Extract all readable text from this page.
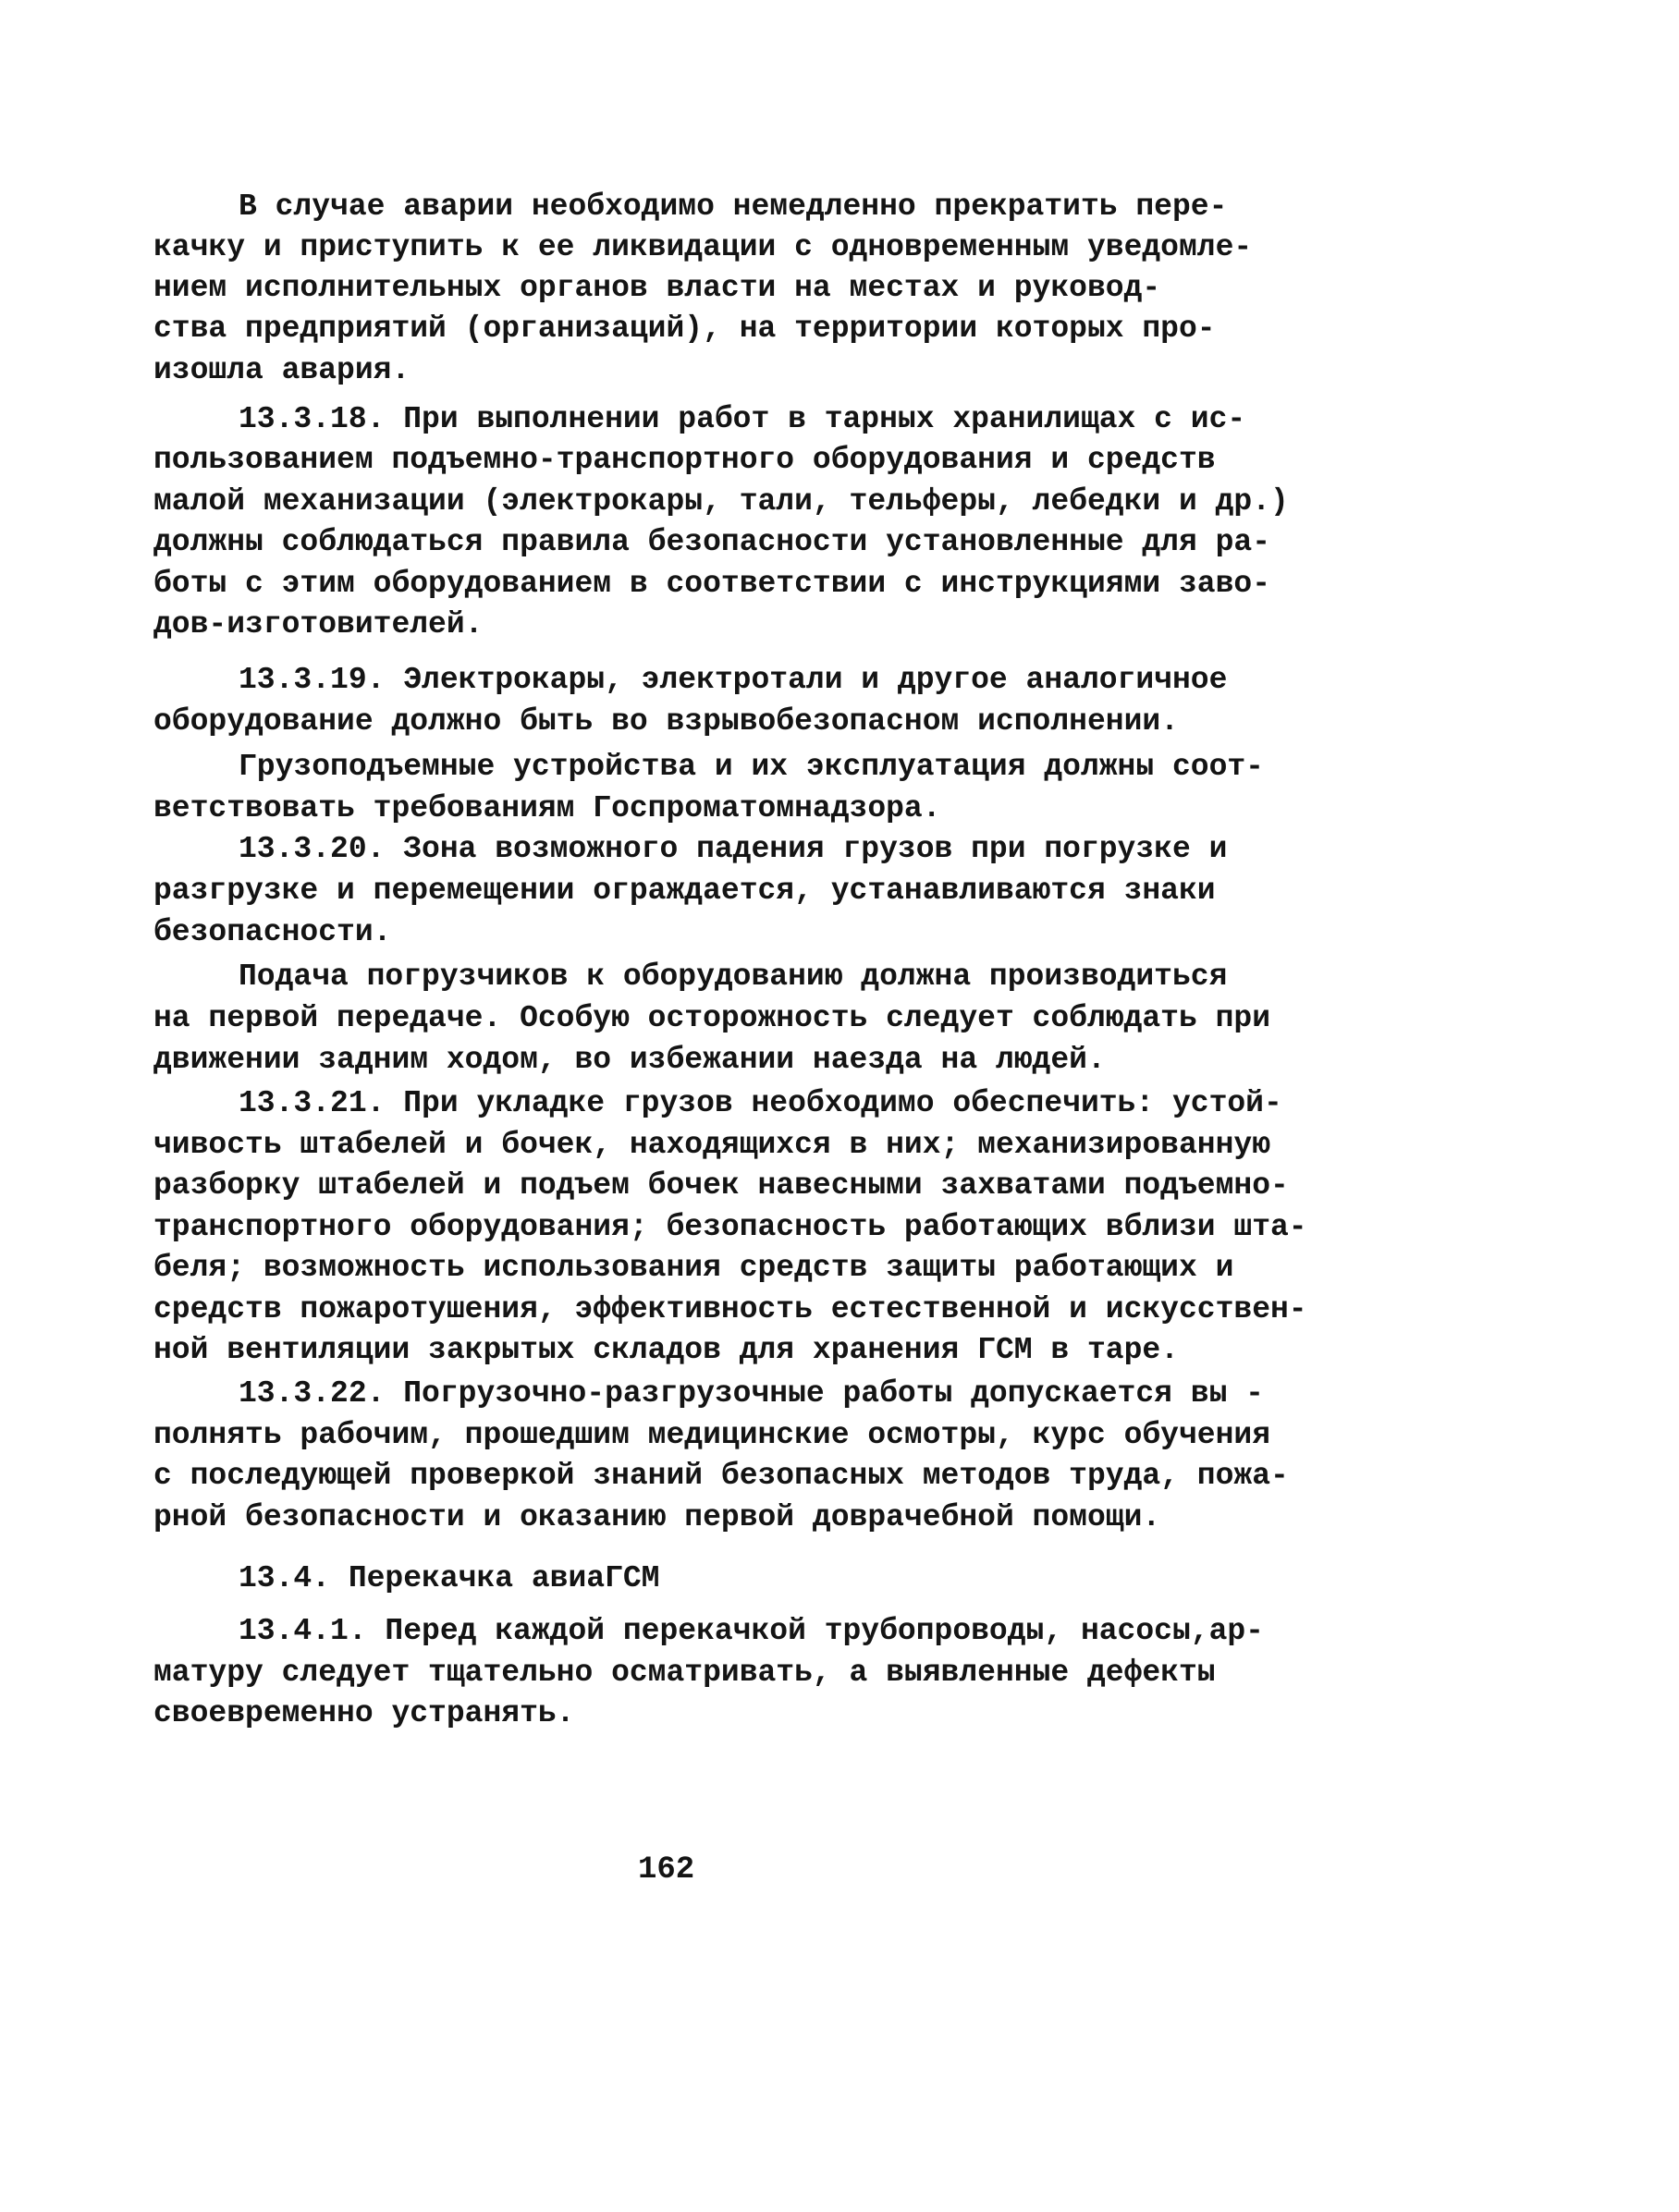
В случае аварии необходимо немедленно прекратить пере-
качку и приступить к ее ликвидации с одновременным уведомле-
нием исполнительных органов власти на местах и руковод-
ства предприятий (организаций), на территории которых про-
изошла авария.
13.3.18. При выполнении работ в тарных хранилищах с ис-
пользованием подъемно-транспортного оборудования и средств
малой механизации (электрокары, тали, тельферы, лебедки и др.)
должны соблюдаться правила безопасности установленные для ра-
боты с этим оборудованием в соответствии с инструкциями заво-
дов-изготовителей.
13.3.19. Электрокары, электротали и другое аналогичное
оборудование должно быть во взрывобезопасном исполнении.
Грузоподъемные устройства и их эксплуатация должны соот-
ветствовать требованиям Госпроматомнадзора.
13.3.20. Зона возможного падения грузов при погрузке и
разгрузке и перемещении ограждается, устанавливаются знаки
безопасности.
Подача погрузчиков к оборудованию должна производиться
на первой передаче. Особую осторожность следует соблюдать при
движении задним ходом, во избежании наезда на людей.
13.3.21. При укладке грузов необходимо обеспечить: устой-
чивость штабелей и бочек, находящихся в них; механизированную
разборку штабелей и подъем бочек навесными захватами подъемно-
транспортного оборудования; безопасность работающих вблизи шта-
беля; возможность использования средств защиты работающих и
средств пожаротушения, эффективность естественной и искусствен-
ной вентиляции закрытых складов для хранения ГСМ в таре.
13.3.22. Погрузочно-разгрузочные работы допускается вы -
полнять рабочим, прошедшим медицинские осмотры, курс обучения
с последующей проверкой знаний безопасных методов труда, пожа-
рной безопасности и оказанию первой доврачебной помощи.
13.4. Перекачка авиаГСМ
13.4.1. Перед каждой перекачкой трубопроводы, насосы,ар-
матуру следует тщательно осматривать, а выявленные дефекты
своевременно устранять.
162
